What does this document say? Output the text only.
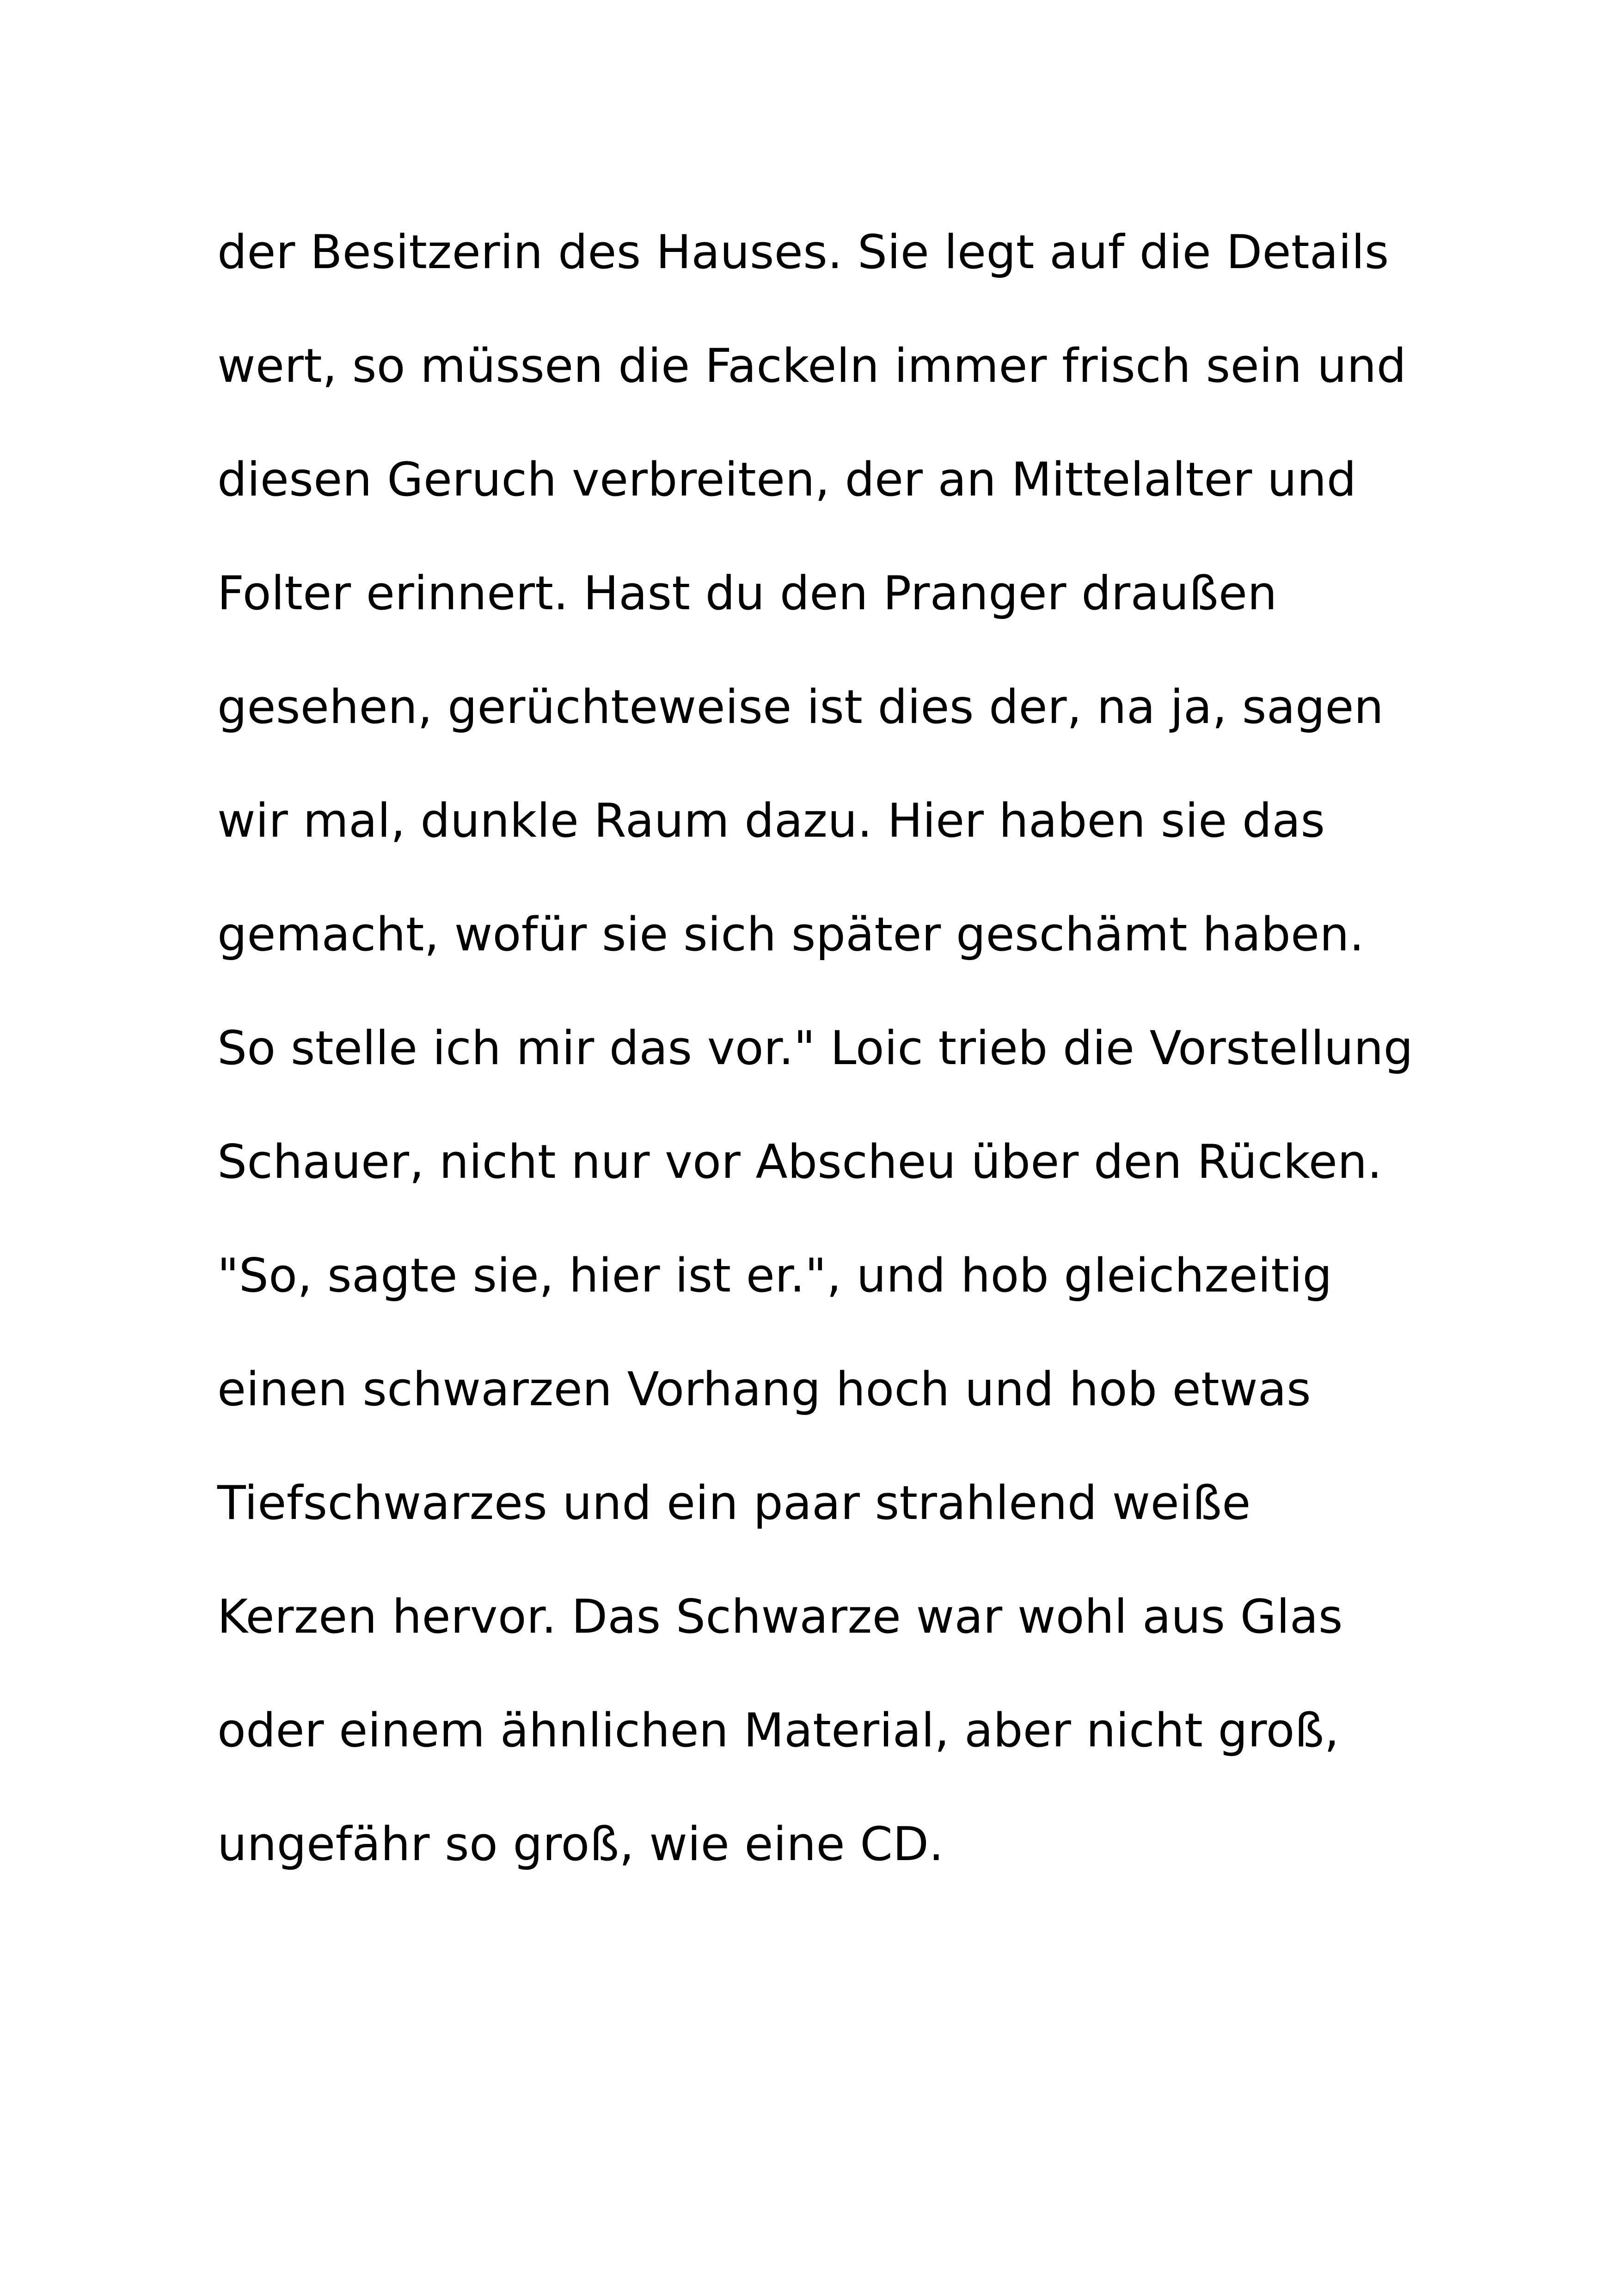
der Besitzerin des Hauses. Sie legt auf die Details
wert, so müssen die Fackeln immer frisch sein und
diesen Geruch verbreiten, der an Mittelalter und
Folter erinnert. Hast du den Pranger draußen
gesehen, gerüchteweise ist dies der, na ja, sagen
wir mal, dunkle Raum dazu. Hier haben sie das
gemacht, wofür sie sich später geschämt haben.
So stelle ich mir das vor." Loic trieb die Vorstellung
Schauer, nicht nur vor Abscheu über den Rücken.
"So, sagte sie, hier ist er.", und hob gleichzeitig
einen schwarzen Vorhang hoch und hob etwas
Tiefschwarzes und ein paar strahlend weiße
Kerzen hervor. Das Schwarze war wohl aus Glas
oder einem ähnlichen Material, aber nicht groß,
ungefähr so groß, wie eine CD.
